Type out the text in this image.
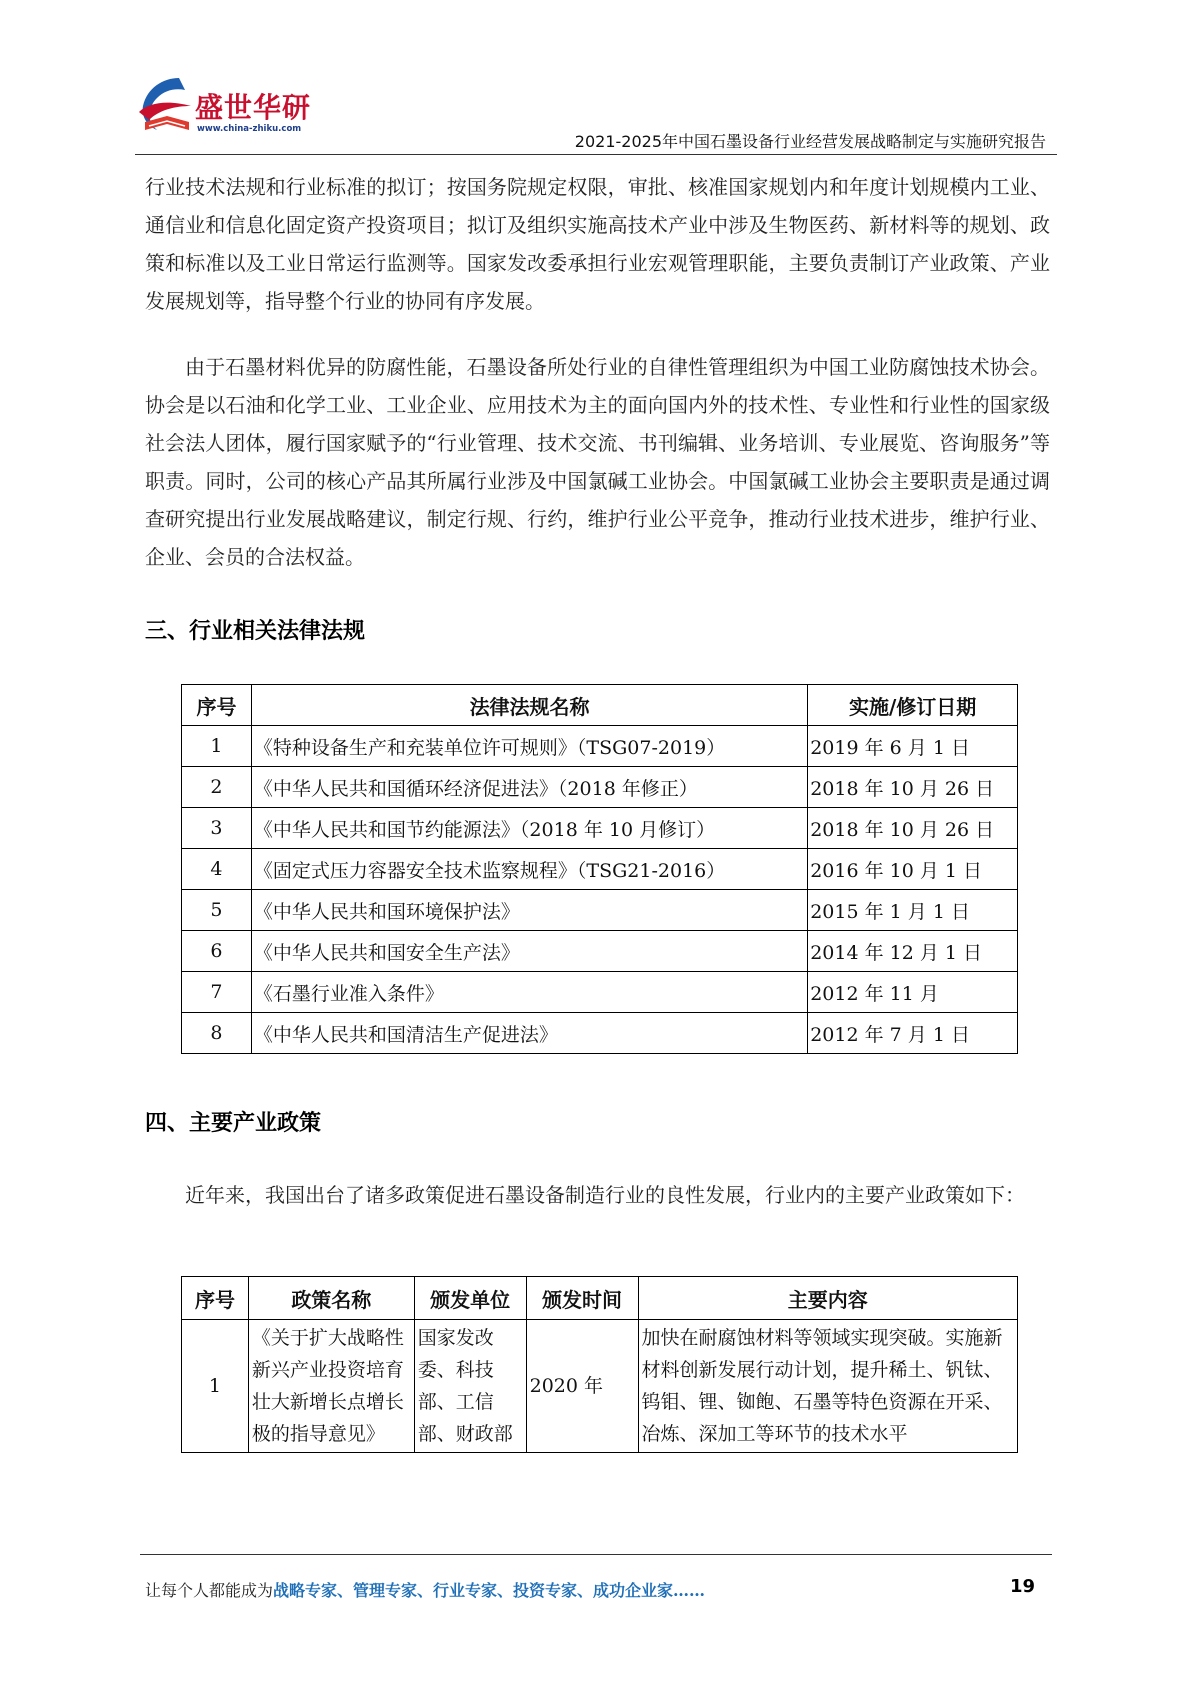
盛世华研
www.china-zhiku.com
2021-2025年中国石墨设备行业经营发展战略制定与实施研究报告

行业技术法规和行业标准的拟订；按国务院规定权限，审批、核准国家规划内和年度计划规模内工业、通信业和信息化固定资产投资项目；拟订及组织实施高技术产业中涉及生物医药、新材料等的规划、政策和标准以及工业日常运行监测等。国家发改委承担行业宏观管理职能，主要负责制订产业政策、产业发展规划等，指导整个行业的协同有序发展。

由于石墨材料优异的防腐性能，石墨设备所处行业的自律性管理组织为中国工业防腐蚀技术协会。协会是以石油和化学工业、工业企业、应用技术为主的面向国内外的技术性、专业性和行业性的国家级社会法人团体，履行国家赋予的“行业管理、技术交流、书刊编辑、业务培训、专业展览、咨询服务”等职责。同时，公司的核心产品其所属行业涉及中国氯碱工业协会。中国氯碱工业协会主要职责是通过调查研究提出行业发展战略建议，制定行规、行约，维护行业公平竞争，推动行业技术进步，维护行业、企业、会员的合法权益。

三、行业相关法律法规
序号	法律法规名称	实施/修订日期
1	《特种设备生产和充装单位许可规则》（TSG07-2019）	2019 年 6 月 1 日
2	《中华人民共和国循环经济促进法》（2018 年修正）	2018 年 10 月 26 日
3	《中华人民共和国节约能源法》（2018 年 10 月修订）	2018 年 10 月 26 日
4	《固定式压力容器安全技术监察规程》（TSG21-2016）	2016 年 10 月 1 日
5	《中华人民共和国环境保护法》	2015 年 1 月 1 日
6	《中华人民共和国安全生产法》	2014 年 12 月 1 日
7	《石墨行业准入条件》	2012 年 11 月
8	《中华人民共和国清洁生产促进法》	2012 年 7 月 1 日
四、主要产业政策

近年来，我国出台了诸多政策促进石墨设备制造行业的良性发展，行业内的主要产业政策如下：

序号	政策名称	颁发单位	颁发时间	主要内容
1	《关于扩大战略性新兴产业投资培育壮大新增长点增长极的指导意见》	国家发改委、科技部、工信部、财政部	2020 年	加快在耐腐蚀材料等领域实现突破。实施新材料创新发展行动计划，提升稀土、钒钛、钨钼、锂、铷飽、石墨等特色资源在开采、冶炼、深加工等环节的技术水平
让每个人都能成为战略专家、管理专家、行业专家、投资专家、成功企业家……	19
